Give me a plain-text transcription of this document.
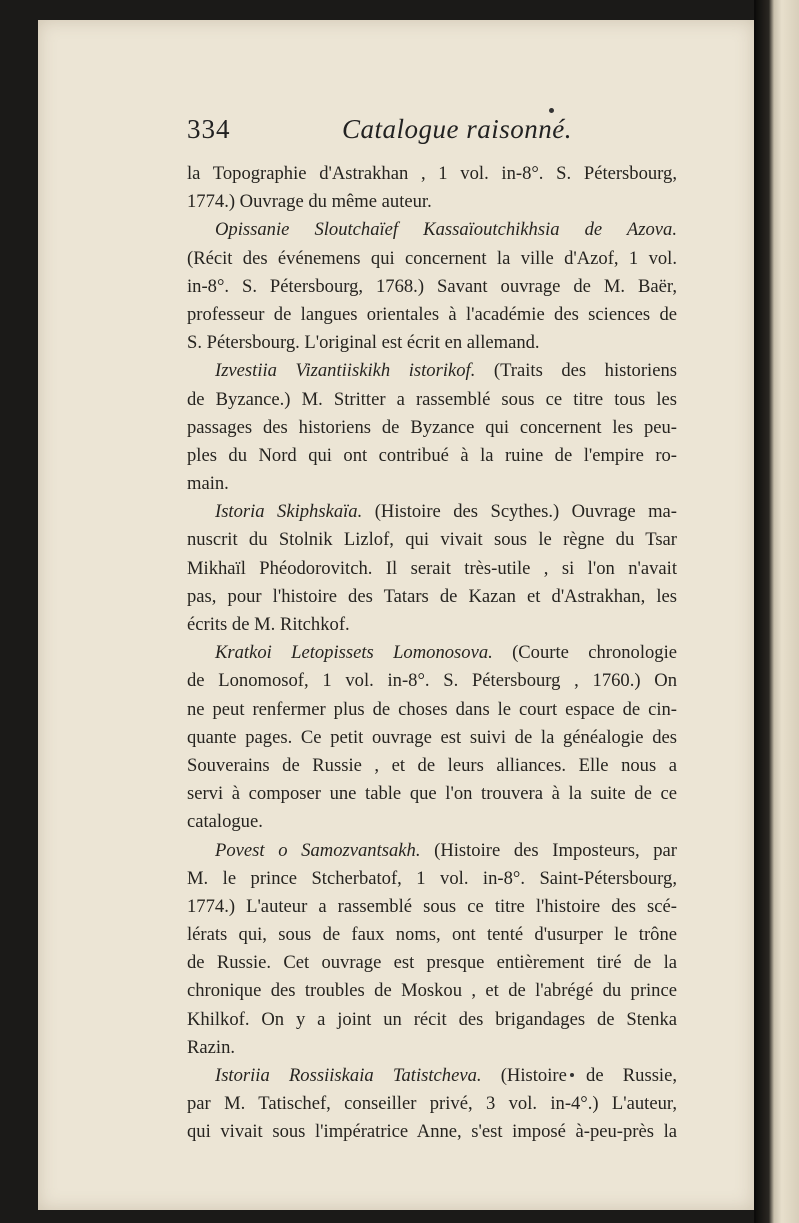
334	Catalogue raisonné.
la Topographie d'Astrakhan , 1 vol. in-8°. S. Pétersbourg,
1774.) Ouvrage du même auteur.
Opissanie Sloutchaïef Kassaïoutchikhsia de Azova.
(Récit des événemens qui concernent la ville d'Azof, 1 vol.
in-8°. S. Pétersbourg, 1768.) Savant ouvrage de M. Baër,
professeur de langues orientales à l'académie des sciences de
S. Pétersbourg. L'original est écrit en allemand.
Izvestiia Vizantiiskikh istorikof. (Traits des historiens
de Byzance.) M. Stritter a rassemblé sous ce titre tous les
passages des historiens de Byzance qui concernent les peu-
ples du Nord qui ont contribué à la ruine de l'empire ro-
main.
Istoria Skiphskaïa. (Histoire des Scythes.) Ouvrage ma-
nuscrit du Stolnik Lizlof, qui vivait sous le règne du Tsar
Mikhaïl Phéodorovitch. Il serait très-utile , si l'on n'avait
pas, pour l'histoire des Tatars de Kazan et d'Astrakhan, les
écrits de M. Ritchkof.
Kratkoi Letopissets Lomonosova. (Courte chronologie
de Lonomosof, 1 vol. in-8°. S. Pétersbourg , 1760.) On
ne peut renfermer plus de choses dans le court espace de cin-
quante pages. Ce petit ouvrage est suivi de la généalogie des
Souverains de Russie , et de leurs alliances. Elle nous a
servi à composer une table que l'on trouvera à la suite de ce
catalogue.
Povest o Samozvantsakh. (Histoire des Imposteurs, par
M. le prince Stcherbatof, 1 vol. in-8°. Saint-Pétersbourg,
1774.) L'auteur a rassemblé sous ce titre l'histoire des scé-
lérats qui, sous de faux noms, ont tenté d'usurper le trône
de Russie. Cet ouvrage est presque entièrement tiré de la
chronique des troubles de Moskou , et de l'abrégé du prince
Khilkof. On y a joint un récit des brigandages de Stenka
Razin.
Istoriia Rossiiskaia Tatistcheva. (Histoire de Russie,
par M. Tatischef, conseiller privé, 3 vol. in-4°.) L'auteur,
qui vivait sous l'impératrice Anne, s'est imposé à-peu-près la
